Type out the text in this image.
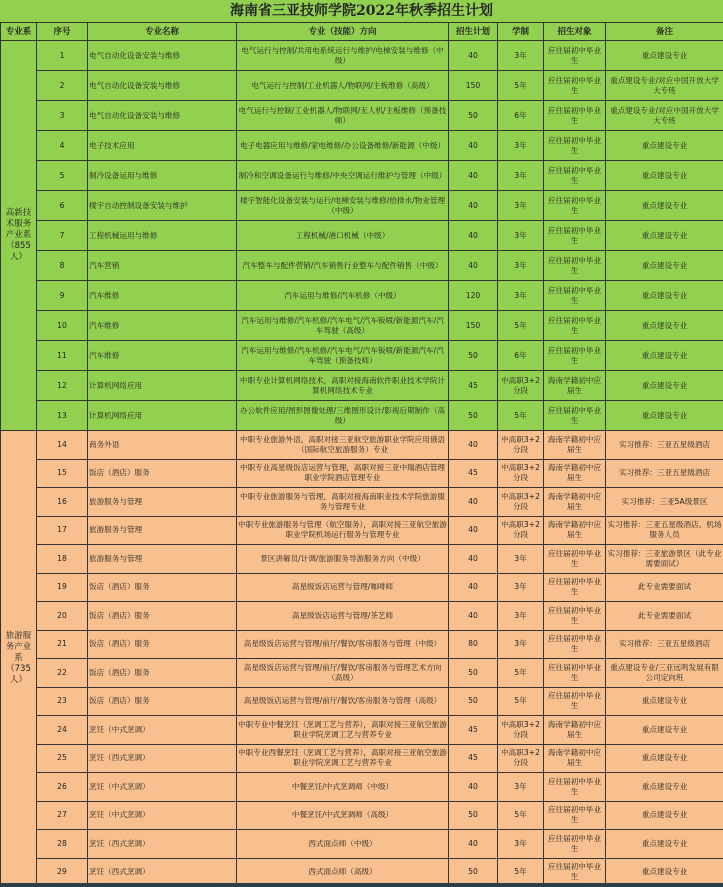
海南省三亚技师学院2022年秋季招生计划
专业系	序号	专业名称	专业（技能）方向	招生计划	学制	招生对象	备注
高新技术服务产业系（855人）	1	电气自动化设备安装与维修	电气运行与控制/共用电系统运行与维护/电梯安装与维修（中级）	40	3年	应往届初中毕业生	重点建设专业
	2	电气自动化设备安装与维修	电气运行与控制/工业机器人/物联网/主板维修（高级）	150	5年	应往届初中毕业生	重点建设专业/对应中国开放大学大专班
	3	电气自动化设备安装与维修	电气运行与控制/工业机器人/物联网/无人机/主板维修（预备技师）	50	6年	应往届初中毕业生	重点建设专业/对应中国开放大学大专班
	4	电子技术应用	电子电器应用与维修/家电维修/办公设备维修/新能源（中级）	40	3年	应往届初中毕业生	重点建设专业
	5	制冷设备运用与维修	制冷和空调设备运行与维修/中央空调运行维护与管理（中级）	40	3年	应往届初中毕业生	重点建设专业
	6	楼宇自动控制设备安装与维护	楼宇智能化设备安装与运行/电梯安装与维修/给排水/物业管理（中级）	40	3年	应往届初中毕业生	重点建设专业
	7	工程机械运用与维修	工程机械/港口机械（中级）	40	3年	应往届初中毕业生	重点建设专业
	8	汽车营销	汽车整车与配件营销/汽车销售行业整车与配件销售（中级）	40	3年	应往届初中毕业生	重点建设专业
	9	汽车维修	汽车运用与维修/汽车机修（中级）	120	3年	应往届初中毕业生	重点建设专业
	10	汽车维修	汽车运用与维修/汽车机修/汽车电气/汽车钣喷/新能源汽车/汽车驾驶（高级）	150	5年	应往届初中毕业生	重点建设专业
	11	汽车维修	汽车运用与维修/汽车机修/汽车电气/汽车钣喷/新能源汽车/汽车驾驶（预备技师）	50	6年	应往届初中毕业生	重点建设专业
	12	计算机网络应用	中职专业计算机网络技术，高职对接海南软件职业技术学院计算机网络技术专业	45	中高职3+2分段	海南学籍初中应届生	重点建设专业
	13	计算机网络应用	办公软件应用/图形图像处理/三维图形设计/影视后期制作（高级）	50	5年	应往届初中毕业生	重点建设专业
旅游服务产业系（735人）	14	商务外语	中职专业旅游外语，高职对接三亚航空旅游职业学院应用俄语（国际航空旅游服务）专业	40	中高职3+2分段	海南学籍初中应届生	实习推荐：三亚五星级酒店
	15	饭店（酒店）服务	中职专业高星级饭店运营与管理，高职对接三亚中瑞酒店管理职业学院酒店管理专业	45	中高职3+2分段	海南学籍初中应届生	实习推荐：三亚五星级酒店
	16	旅游服务与管理	中职专业旅游服务与管理，高职对接海南职业技术学院旅游服务与管理专业	40	中高职3+2分段	海南学籍初中应届生	实习推荐：三亚5A级景区
	17	旅游服务与管理	中职专业旅游服务与管理（航空服务），高职对接三亚航空旅游职业学院机场运行服务与管理专业	40	中高职3+2分段	海南学籍初中应届生	实习推荐：三亚五星级酒店、机场服务人员
	18	旅游服务与管理	景区讲解员/计调/旅游服务导游服务方向（中级）	40	3年	应往届初中毕业生	实习推荐：三亚旅游景区（此专业需要面试）
	19	饭店（酒店）服务	高星级饭店运营与管理/咖啡师	40	3年	应往届初中毕业生	此专业需要面试
	20	饭店（酒店）服务	高星级饭店运营与管理/茶艺师	40	3年	应往届初中毕业生	此专业需要面试
	21	饭店（酒店）服务	高星级饭店运营与管理/前厅/餐饮/客房服务与管理（中级）	80	3年	应往届初中毕业生	实习推荐：三亚五星级酒店
	22	饭店（酒店）服务	高星级饭店运营与管理/前厅/餐饮/客房服务与管理艺术方向（高级）	50	5年	应往届初中毕业生	重点建设专业/三亚远鸣发展有限公司定向班
	23	饭店（酒店）服务	高星级饭店运营与管理/前厅/餐饮/客房服务与管理（高级）	50	5年	应往届初中毕业生	重点建设专业
	24	烹饪（中式烹调）	中职专业中餐烹饪（烹调工艺与营养），高职对接三亚航空旅游职业学院烹调工艺与营养专业	45	中高职3+2分段	海南学籍初中应届生	重点建设专业
	25	烹饪（西式烹调）	中职专业西餐烹饪（烹调工艺与营养），高职对接三亚航空旅游职业学院烹调工艺与营养专业	45	中高职3+2分段	海南学籍初中应届生	重点建设专业
	26	烹饪（中式烹调）	中餐烹饪/中式烹调师（中级）	40	3年	应往届初中毕业生	重点建设专业
	27	烹饪（中式烹调）	中餐烹饪/中式烹调师（高级）	50	5年	应往届初中毕业生	重点建设专业
	28	烹饪（西式烹调）	西式面点师（中级）	40	3年	应往届初中毕业生	重点建设专业
	29	烹饪（西式烹调）	西式面点师（高级）	50	5年	应往届初中毕业生	重点建设专业
